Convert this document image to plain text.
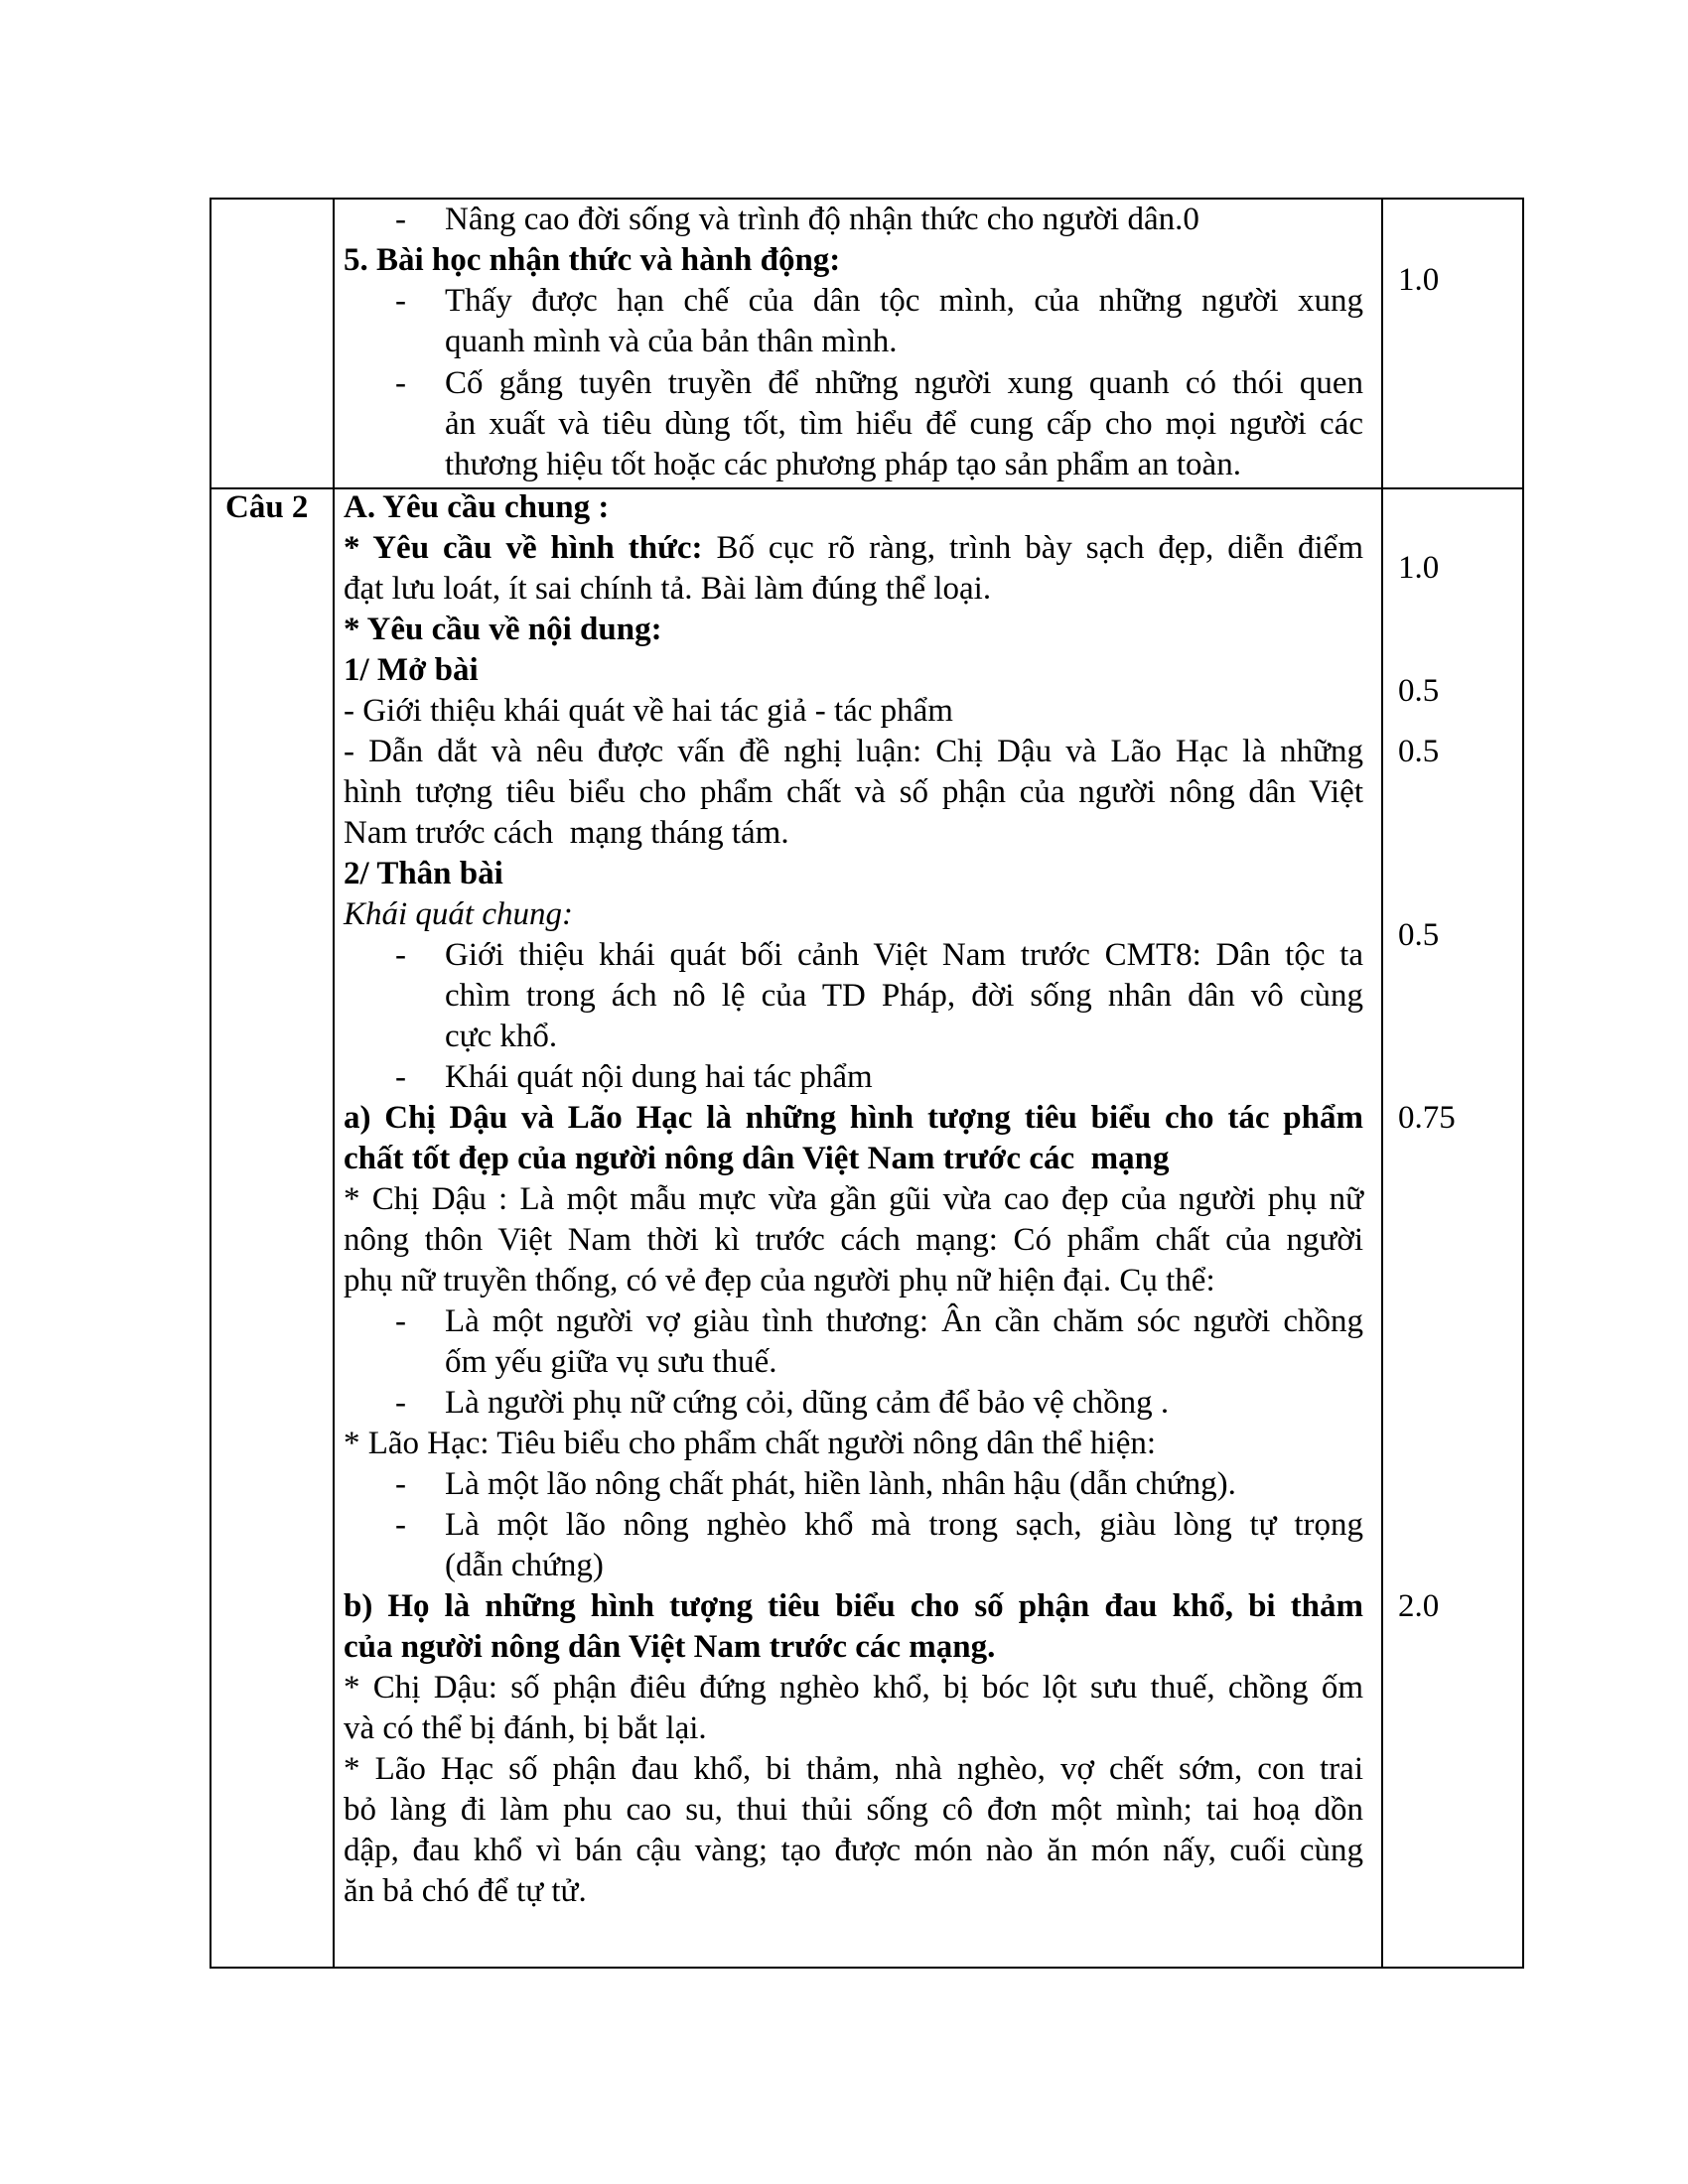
- Nâng cao đời sống và trình độ nhận thức cho người dân.0
5. Bài học nhận thức và hành động:
- Thấy được hạn chế của dân tộc mình, của những người xung
quanh mình và của bản thân mình.
- Cố gắng tuyên truyền để những người xung quanh có thói quen
ản xuất và tiêu dùng tốt, tìm hiểu để cung cấp cho mọi người các
thương hiệu tốt hoặc các phương pháp tạo sản phẩm an toàn.
1.0
Câu 2 A. Yêu cầu chung :
* Yêu cầu về hình thức: Bố cục rõ ràng, trình bày sạch đẹp, diễn điểm
đạt lưu loát, ít sai chính tả. Bài làm đúng thể loại.
* Yêu cầu về nội dung:
1/ Mở bài
- Giới thiệu khái quát về hai tác giả - tác phẩm
- Dẫn dắt và nêu được vấn đề nghị luận: Chị Dậu và Lão Hạc là những
hình tượng tiêu biểu cho phẩm chất và số phận của người nông dân Việt
Nam trước cách  mạng tháng tám.
2/ Thân bài
Khái quát chung:
- Giới thiệu khái quát bối cảnh Việt Nam trước CMT8: Dân tộc ta
chìm trong ách nô lệ của TD Pháp, đời sống nhân dân vô cùng
cực khổ.
- Khái quát nội dung hai tác phẩm
a) Chị Dậu và Lão Hạc là những hình tượng tiêu biểu cho tác phẩm
chất tốt đẹp của người nông dân Việt Nam trước các  mạng
* Chị Dậu : Là một mẫu mực vừa gần gũi vừa cao đẹp của người phụ nữ
nông thôn Việt Nam thời kì trước cách mạng: Có phẩm chất của người
phụ nữ truyền thống, có vẻ đẹp của người phụ nữ hiện đại. Cụ thể:
- Là một người vợ giàu tình thương: Ân cần chăm sóc người chồng
ốm yếu giữa vụ sưu thuế.
- Là người phụ nữ cứng cỏi, dũng cảm để bảo vệ chồng .
* Lão Hạc: Tiêu biểu cho phẩm chất người nông dân thể hiện:
- Là một lão nông chất phát, hiền lành, nhân hậu (dẫn chứng).
- Là một lão nông nghèo khổ mà trong sạch, giàu lòng tự trọng
(dẫn chứng)
b) Họ là những hình tượng tiêu biểu cho số phận đau khổ, bi thảm
của người nông dân Việt Nam trước các mạng.
* Chị Dậu: số phận điêu đứng nghèo khổ, bị bóc lột sưu thuế, chồng ốm
và có thể bị đánh, bị bắt lại.
* Lão Hạc số phận đau khổ, bi thảm, nhà nghèo, vợ chết sớm, con trai
bỏ làng đi làm phu cao su, thui thủi sống cô đơn một mình; tai hoạ dồn
dập, đau khổ vì bán cậu vàng; tạo được món nào ăn món nấy, cuối cùng
ăn bả chó để tự tử.
1.0
0.5
0.5
0.5
0.75
2.0
